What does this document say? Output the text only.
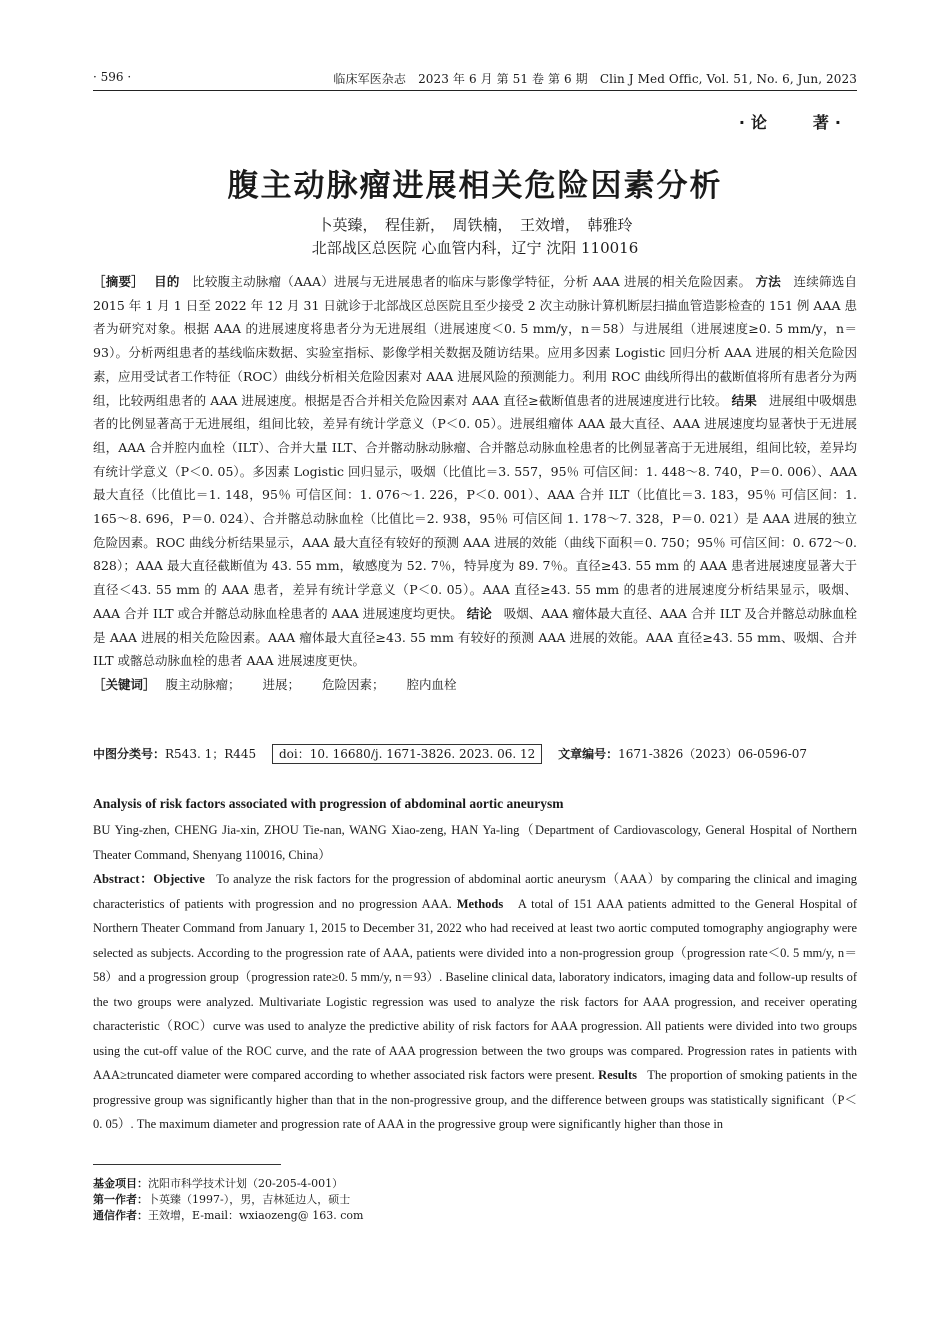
· 596 ·	临床军医杂志　2023 年 6 月 第 51 卷 第 6 期　Clin J Med Offic, Vol. 51, No. 6, Jun, 2023
· 论	著 ·
腹主动脉瘤进展相关危险因素分析
卜英臻，　程佳新，　周铁楠，　王效增，　韩雅玲
北部战区总医院 心血管内科，辽宁 沈阳 110016

［摘要］ 目的 比较腹主动脉瘤（AAA）进展与无进展患者的临床与影像学特征，分析 AAA 进展的相关危险因素。 方法 连续筛选自 2015 年 1 月 1 日至 2022 年 12 月 31 日就诊于北部战区总医院且至少接受 2 次主动脉计算机断层扫描血管造影检查的 151 例 AAA 患者为研究对象。根据 AAA 的进展速度将患者分为无进展组（进展速度＜0. 5 mm/y，n＝58）与进展组（进展速度≥0. 5 mm/y，n＝93）。分析两组患者的基线临床数据、实验室指标、影像学相关数据及随访结果。应用多因素 Logistic 回归分析 AAA 进展的相关危险因素，应用受试者工作特征（ROC）曲线分析相关危险因素对 AAA 进展风险的预测能力。利用 ROC 曲线所得出的截断值将所有患者分为两组，比较两组患者的 AAA 进展速度。根据是否合并相关危险因素对 AAA 直径≥截断值患者的进展速度进行比较。 结果 进展组中吸烟患者的比例显著高于无进展组，组间比较，差异有统计学意义（P＜0. 05）。进展组瘤体 AAA 最大直径、AAA 进展速度均显著快于无进展组，AAA 合并腔内血栓（ILT）、合并大量 ILT、合并髂动脉动脉瘤、合并髂总动脉血栓患者的比例显著高于无进展组，组间比较，差异均有统计学意义（P＜0. 05）。多因素 Logistic 回归显示，吸烟（比值比＝3. 557，95％ 可信区间：1. 448～8. 740，P＝0. 006）、AAA 最大直径（比值比＝1. 148，95％ 可信区间：1. 076～1. 226，P＜0. 001）、AAA 合并 ILT（比值比＝3. 183，95％ 可信区间：1. 165～8. 696，P＝0. 024）、合并髂总动脉血栓（比值比＝2. 938，95％ 可信区间 1. 178～7. 328，P＝0. 021）是 AAA 进展的独立危险因素。ROC 曲线分析结果显示，AAA 最大直径有较好的预测 AAA 进展的效能（曲线下面积＝0. 750；95％ 可信区间：0. 672～0. 828）；AAA 最大直径截断值为 43. 55 mm，敏感度为 52. 7％，特异度为 89. 7％。直径≥43. 55 mm 的 AAA 患者进展速度显著大于直径＜43. 55 mm 的 AAA 患者，差异有统计学意义（P＜0. 05）。AAA 直径≥43. 55 mm 的患者的进展速度分析结果显示，吸烟、AAA 合并 ILT 或合并髂总动脉血栓患者的 AAA 进展速度均更快。 结论 吸烟、AAA 瘤体最大直径、AAA 合并 ILT 及合并髂总动脉血栓是 AAA 进展的相关危险因素。AAA 瘤体最大直径≥43. 55 mm 有较好的预测 AAA 进展的效能。AAA 直径≥43. 55 mm、吸烟、合并 ILT 或髂总动脉血栓的患者 AAA 进展速度更快。

［关键词］ 腹主动脉瘤； 进展； 危险因素； 腔内血栓

中图分类号：R543. 1；R445 doi：10. 16680/j. 1671-3826. 2023. 06. 12 文章编号：1671-3826（2023）06-0596-07

Analysis of risk factors associated with progression of abdominal aortic aneurysm

BU Ying-zhen, CHENG Jia-xin, ZHOU Tie-nan, WANG Xiao-zeng, HAN Ya-ling（Department of Cardiovascology, General Hospital of Northern Theater Command, Shenyang 110016, China）

Abstract：Objective To analyze the risk factors for the progression of abdominal aortic aneurysm（AAA）by comparing the clinical and imaging characteristics of patients with progression and no progression AAA. Methods A total of 151 AAA patients admitted to the General Hospital of Northern Theater Command from January 1, 2015 to December 31, 2022 who had received at least two aortic computed tomography angiography were selected as subjects. According to the progression rate of AAA, patients were divided into a non-progression group（progression rate＜0. 5 mm/y, n＝58）and a progression group（progression rate≥0. 5 mm/y, n＝93）. Baseline clinical data, laboratory indicators, imaging data and follow-up results of the two groups were analyzed. Multivariate Logistic regression was used to analyze the risk factors for AAA progression, and receiver operating characteristic（ROC）curve was used to analyze the predictive ability of risk factors for AAA progression. All patients were divided into two groups using the cut-off value of the ROC curve, and the rate of AAA progression between the two groups was compared. Progression rates in patients with AAA≥truncated diameter were compared according to whether associated risk factors were present. Results The proportion of smoking patients in the progressive group was significantly higher than that in the non-progressive group, and the difference between groups was statistically significant（P＜0. 05）. The maximum diameter and progression rate of AAA in the progressive group were significantly higher than those in

基金项目：沈阳市科学技术计划（20-205-4-001）

第一作者：卜英臻（1997-），男，吉林延边人，硕士

通信作者：王效增，E-mail：wxiaozeng@ 163. com
